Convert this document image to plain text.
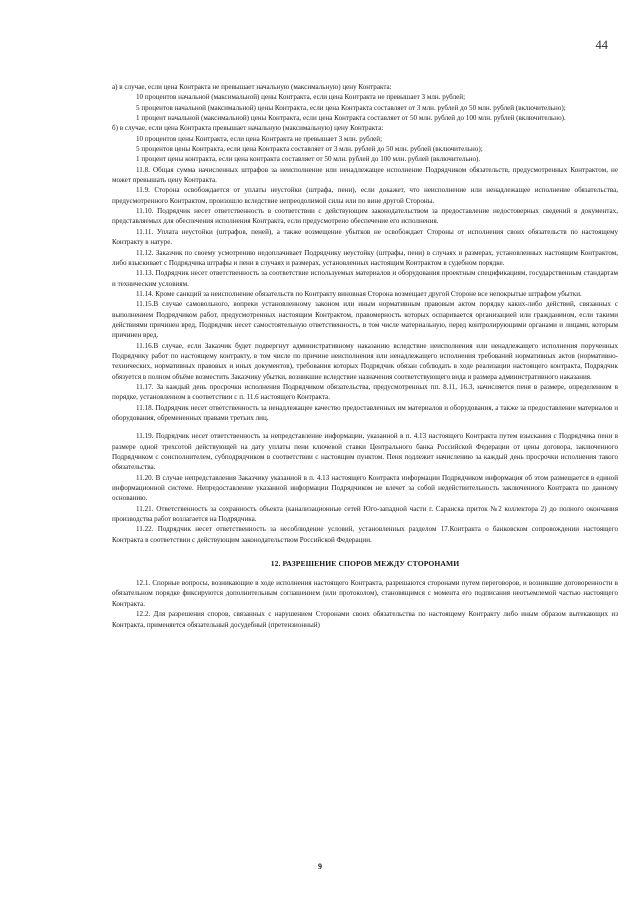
44

а) в случае, если цена Контракта не превышает начальную (максимальную) цену Контракта:

10 процентов начальной (максимальной) цены Контракта, если цена Контракта не превышает 3 млн. рублей;

5 процентов начальной (максимальной) цены Контракта, если цена Контракта составляет от 3 млн. рублей до 50 млн. рублей (включительно);

1 процент начальной (максимальной) цены Контракта, если цена Контракта составляет от 50 млн. рублей до 100 млн. рублей (включительно).

б) в случае, если цена Контракта превышает начальную (максимальную) цену Контракта:

10 процентов цены Контракта, если цена Контракта не превышает 3 млн. рублей;

5 процентов цены Контракта, если цена Контракта составляет от 3 млн. рублей до 50 млн. рублей (включительно);

1 процент цены контракта, если цена контракта составляет от 50 млн. рублей до 100 млн. рублей (включительно).

11.8. Общая сумма начисленных штрафов за неисполнение или ненадлежащее исполнение Подрядчиком обязательств, предусмотренных Контрактом, не может превышать цену Контракта.

11.9. Сторона освобождается от уплаты неустойки (штрафа, пени), если докажет, что неисполнение или ненадлежащее исполнение обязательства, предусмотренного Контрактом, произошло вследствие непреодолимой силы или по вине другой Стороны.

11.10. Подрядчик несет ответственность в соответствии с действующим законодательством за предоставление недостоверных сведений в документах, представляемых для обеспечения исполнения Контракта, если предусмотрено обеспечение его исполнения.

11.11. Уплата неустойки (штрафов, пеней), а также возмещение убытков не освобождает Стороны от исполнения своих обязательств по настоящему Контракту в натуре.

11.12. Заказчик по своему усмотрению недоплачивает Подрядчику неустойку (штрафы, пени) в случаях и размерах, установленных настоящим Контрактом, либо взыскивает с Подрядчика штрафы и пени в случаях и размерах, установленных настоящим Контрактом в судебном порядке.

11.13. Подрядчик несет ответственность за соответствие используемых материалов и оборудования проектным спецификациям, государственным стандартам и техническим условиям.

11.14. Кроме санкций за неисполнение обязательств по Контракту виновная Сторона возмещает другой Стороне все непокрытые штрафом убытки.

11.15.В случае самовольного, вопреки установленному законом или иным нормативным правовым актом порядку каких-либо действий, связанных с выполнением Подрядчиком работ, предусмотренных настоящим Контрактом, правомерность которых оспаривается организацией или гражданином, если такими действиями причинен вред, Подрядчик несет самостоятельную ответственность, в том числе материальную, перед контролирующими органами и лицами, которым причинен вред.

11.16.В случае, если Заказчик будет подвергнут административному наказанию вследствие неисполнения или ненадлежащего исполнения порученных Подрядчику работ по настоящему контракту, в том числе по причине неисполнения или ненадлежащего исполнения требований нормативных актов (нормативно-технических, нормативных правовых и иных документов), требования которых Подрядчик обязан соблюдать в ходе реализации настоящего контракта, Подрядчик обязуется в полном объёме возместить Заказчику убытки, возникшие вследствие назначения соответствующего вида и размера административного наказания.

11.17. За каждый день просрочки исполнения Подрядчиком обязательства, предусмотренных пп. 8.11, 16.3, начисляется пеня в размере, определенном в порядке, установленном в соответствии с п. 11.6 настоящего Контракта.

11.18. Подрядчик несет ответственность за ненадлежащее качество предоставленных им материалов и оборудования, а также за предоставление материалов и оборудования, обремененных правами третьих лиц.

11.19. Подрядчик несет ответственность за непредставление информации, указанной в п. 4.13 настоящего Контракта путем взыскания с Подрядчика пени в размере одной трехсотой действующей на дату уплаты пени ключевой ставки Центрального банка Российской Федерации от цены договора, заключенного Подрядчиком с соисполнителем, субподрядчиком в соответствии с настоящим пунктом. Пеня подлежит начислению за каждый день просрочки исполнения такого обязательства.

11.20. В случае непредставления Заказчику указанной в п. 4.13 настоящего Контракта информации Подрядчиком информация об этом размещается в единой информационной системе. Непредоставление указанной информации Подрядчиком не влечет за собой недействительность заключенного Контракта по данному основанию.

11.21. Ответственность за сохранность объекта (канализационные сетей Юго-западной части г. Саранска приток №2 коллектора 2) до полного окончания производства работ возлагается на Подрядчика.

11.22. Подрядчик несет ответственность за несоблюдение условий, установленных разделом 17.Контракта о банковском сопровождении настоящего Контракта в соответствии с действующим законодательством Российской Федерации.

12. РАЗРЕШЕНИЕ СПОРОВ МЕЖДУ СТОРОНАМИ

12.1. Спорные вопросы, возникающие в ходе исполнения настоящего Контракта, разрешаются сторонами путем переговоров, и возникшие договоренности в обязательном порядке фиксируются дополнительным соглашением (или протоколом), становящимся с момента его подписания неотъемлемой частью настоящего Контракта.

12.2. Для разрешения споров, связанных с нарушением Сторонами своих обязательства по настоящему Контракту либо иным образом вытекающих из Контракта, применяется обязательный досудебный (претензионный)

9
